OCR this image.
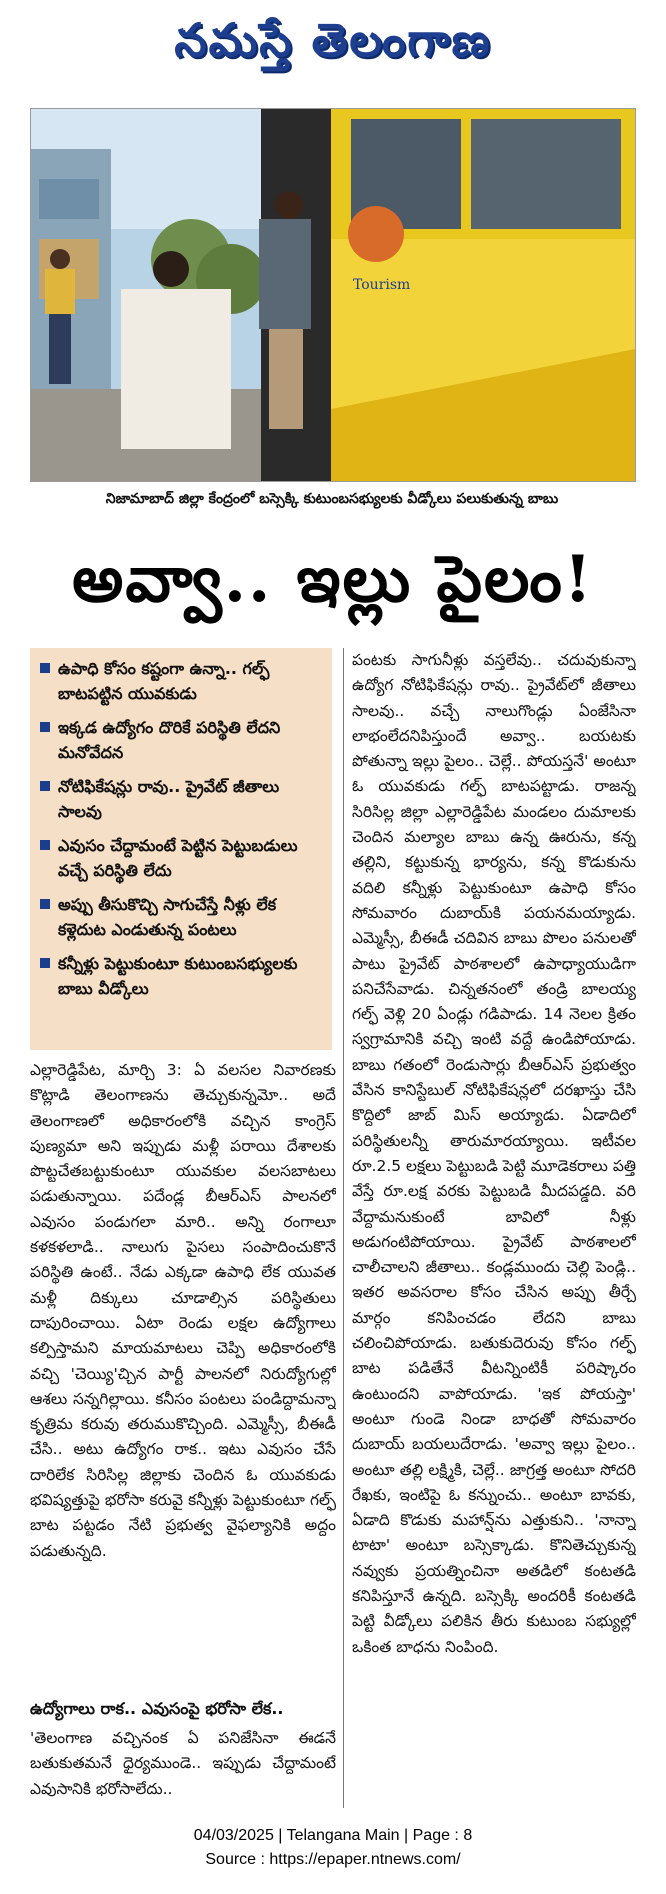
నమస్తే తెలంగాణ
Tourism
నిజామాబాద్ జిల్లా కేంద్రంలో బస్సెక్కి కుటుంబసభ్యులకు వీడ్కోలు పలుకుతున్న బాబు
అవ్వా.. ఇల్లు పైలం!
ఉపాధి కోసం కష్టంగా ఉన్నా.. గల్ఫ్ బాటపట్టిన యువకుడు
ఇక్కడ ఉద్యోగం దొరికే పరిస్థితి లేదని మనోవేదన
నోటిఫికేషన్లు రావు.. ప్రైవేట్ జీతాలు సాలవు
ఎవుసం చేద్దామంటే పెట్టిన పెట్టుబడులు వచ్చే పరిస్థితి లేదు
అప్పు తీసుకొచ్చి సాగుచేస్తే నీళ్లు లేక కళ్లెదుట ఎండుతున్న పంటలు
కన్నీళ్లు పెట్టుకుంటూ కుటుంబసభ్యులకు బాబు వీడ్కోలు

ఎల్లారెడ్డిపేట, మార్చి 3: ఏ వలసల నివారణకు కొట్లాడి తెలంగాణను తెచ్చుకున్నమో.. అదే తెలంగాణలో అధికారంలోకి వచ్చిన కాంగ్రెస్ పుణ్యమా అని ఇప్పుడు మళ్లీ పరాయి దేశాలకు పొట్టచేతబట్టుకుంటూ యువకుల వలసబాటలు పడుతున్నాయి. పదేండ్ల బీఆర్ఎస్ పాలనలో ఎవుసం పండుగలా మారి.. అన్ని రంగాలూ కళకళలాడి.. నాలుగు పైసలు సంపాదించుకొనే పరిస్థితి ఉంటే.. నేడు ఎక్కడా ఉపాధి లేక యువత మళ్లీ దిక్కులు చూడాల్సిన పరిస్థితులు దాపురించాయి. ఏటా రెండు లక్షల ఉద్యోగాలు కల్పిస్తామని మాయమాటలు చెప్పి అధికారంలోకి వచ్చి 'చెయ్యి'చ్చిన పార్టీ పాలనలో నిరుద్యోగుల్లో ఆశలు సన్నగిల్లాయి. కనీసం పంటలు పండిద్దామన్నా కృత్రిమ కరువు తరుముకొచ్చింది. ఎమ్మెస్సీ, బీఈడీ చేసి.. అటు ఉద్యోగం రాక.. ఇటు ఎవుసం చేసే దారిలేక సిరిసిల్ల జిల్లాకు చెందిన ఓ యువకుడు భవిష్యత్తుపై భరోసా కరువై కన్నీళ్లు పెట్టుకుంటూ గల్ఫ్ బాట పట్టడం నేటి ప్రభుత్వ వైఫల్యానికి అద్దం పడుతున్నది.

ఉద్యోగాలు రాక.. ఎవుసంపై భరోసా లేక..

'తెలంగాణ వచ్చినంక ఏ పనిజేసినా ఈడనే బతుకుతమనే ధైర్యముండె.. ఇప్పుడు చేద్దామంటే ఎవుసానికి భరోసాలేదు..

పంటకు సాగునీళ్లు వస్తలేవు.. చదువుకున్నా ఉద్యోగ నోటిఫికేషన్లు రావు.. ప్రైవేట్‌లో జీతాలు సాలవు.. వచ్చే నాలుగొండ్లు ఏంజేసినా లాభంలేదనిపిస్తుందే అవ్వా.. బయటకు పోతున్నా ఇల్లు పైలం.. చెల్లే.. పోయస్తనే' అంటూ ఓ యువకుడు గల్ఫ్ బాటపట్టాడు. రాజన్న సిరిసిల్ల జిల్లా ఎల్లారెడ్డిపేట మండలం దుమాలకు చెందిన మల్యాల బాబు ఉన్న ఊరును, కన్న తల్లిని, కట్టుకున్న భార్యను, కన్న కొడుకును వదిలి కన్నీళ్లు పెట్టుకుంటూ ఉపాధి కోసం సోమవారం దుబాయ్‌కి పయనమయ్యాడు. ఎమ్మెస్సీ, బీఈడీ చదివిన బాబు పొలం పనులతో పాటు ప్రైవేట్ పాఠశాలలో ఉపాధ్యాయుడిగా పనిచేసేవాడు. చిన్నతనంలో తండ్రి బాలయ్య గల్ఫ్ వెళ్లి 20 ఏండ్లు గడిపాడు. 14 నెలల క్రితం స్వగ్రామానికి వచ్చి ఇంటి వద్దే ఉండిపోయాడు. బాబు గతంలో రెండుసార్లు బీఆర్ఎస్ ప్రభుత్వం వేసిన కానిస్టేబుల్ నోటిఫికేషన్లలో దరఖాస్తు చేసి కొద్దిలో జాబ్ మిస్ అయ్యాడు. ఏడాదిలో పరిస్థితులన్నీ తారుమారయ్యాయి. ఇటీవల రూ.2.5 లక్షలు పెట్టుబడి పెట్టి మూడెకరాలు పత్తి వేస్తే రూ.లక్ష వరకు పెట్టుబడి మీదపడ్డది. వరి వేద్దామనుకుంటే బావిలో నీళ్లు అడుగంటిపోయాయి. ప్రైవేట్ పాఠశాలలో చాలీచాలని జీతాలు.. కండ్లముందు చెల్లి పెండ్లి.. ఇతర అవసరాల కోసం చేసిన అప్పు తీర్చే మార్గం కనిపించడం లేదని బాబు చలించిపోయాడు. బతుకుదెరువు కోసం గల్ఫ్ బాట పడితేనే వీటన్నింటికీ పరిష్కారం ఉంటుందని వాపోయాడు. 'ఇక పోయస్తా' అంటూ గుండె నిండా బాధతో సోమవారం దుబాయ్ బయలుదేరాడు. 'అవ్వా ఇల్లు పైలం.. అంటూ తల్లి లక్ష్మికి, చెల్లే.. జాగ్రత్త అంటూ సోదరి రేఖకు, ఇంటిపై ఓ కన్నుంచు.. అంటూ బావకు, ఏడాది కొడుకు మహాన్ష్‌ను ఎత్తుకుని.. 'నాన్నా టాటా' అంటూ బస్సెక్కాడు. కొనితెచ్చుకున్న నవ్వుకు ప్రయత్నించినా అతడిలో కంటతడి కనిపిస్తూనే ఉన్నది. బస్సెక్కి అందరికీ కంటతడి పెట్టి వీడ్కోలు పలికిన తీరు కుటుంబ సభ్యుల్లో ఒకింత బాధను నింపింది.

04/03/2025 | Telangana Main | Page : 8
Source : https://epaper.ntnews.com/
